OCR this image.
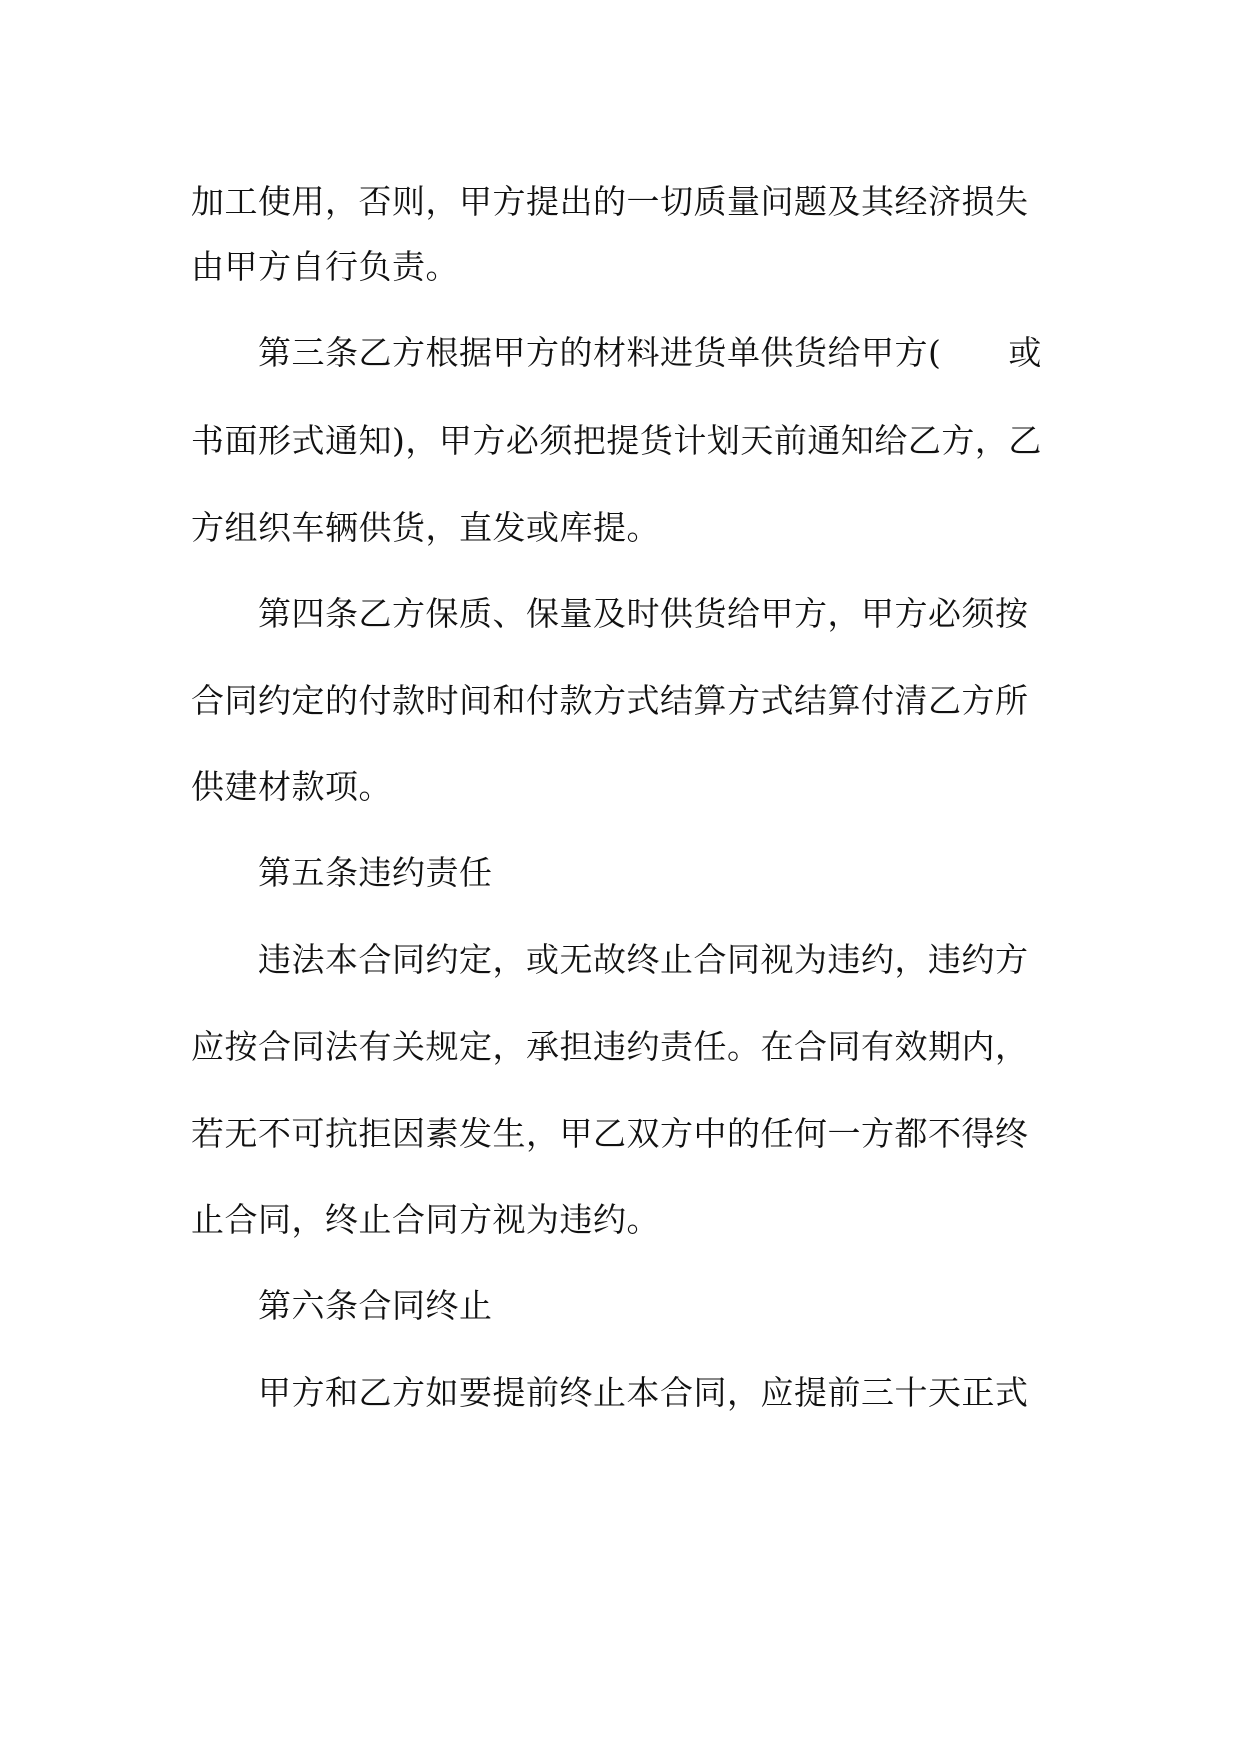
加工使用，否则，甲方提出的一切质量问题及其经济损失
由甲方自行负责。
第三条乙方根据甲方的材料进货单供货给甲方(　　或
书面形式通知)，甲方必须把提货计划天前通知给乙方，乙
方组织车辆供货，直发或库提。
第四条乙方保质、保量及时供货给甲方，甲方必须按
合同约定的付款时间和付款方式结算方式结算付清乙方所
供建材款项。
第五条违约责任
违法本合同约定，或无故终止合同视为违约，违约方
应按合同法有关规定，承担违约责任。在合同有效期内，
若无不可抗拒因素发生，甲乙双方中的任何一方都不得终
止合同，终止合同方视为违约。
第六条合同终止
甲方和乙方如要提前终止本合同，应提前三十天正式
